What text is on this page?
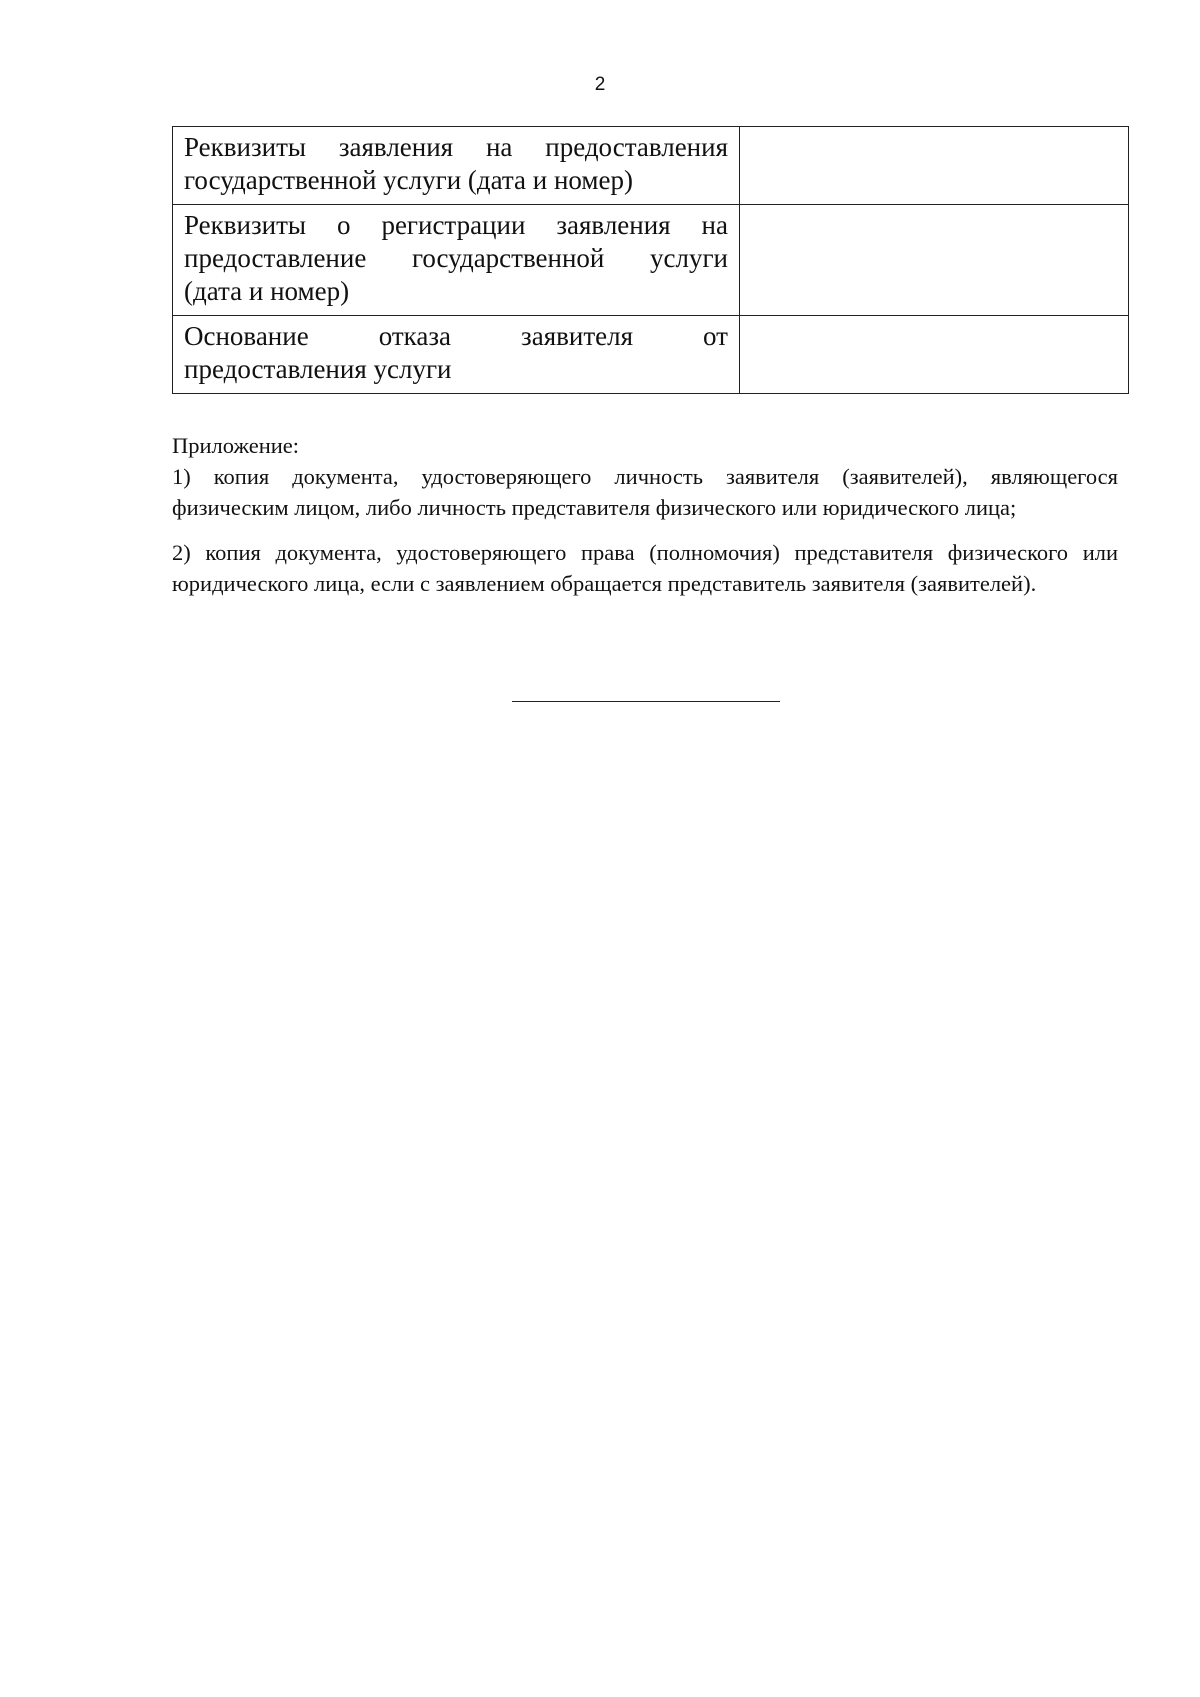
2
Реквизиты заявления на предоставления
государственной услуги (дата и номер)	

Реквизиты о регистрации заявления на
предоставление государственной услуги
(дата и номер)	

Основание отказа заявителя от
предоставления услуги	

Приложение:

1) копия документа, удостоверяющего личность заявителя (заявителей), являющегося
физическим лицом, либо личность представителя физического или юридического лица;

2) копия документа, удостоверяющего права (полномочия) представителя физического или
юридического лица, если с заявлением обращается представитель заявителя (заявителей).
